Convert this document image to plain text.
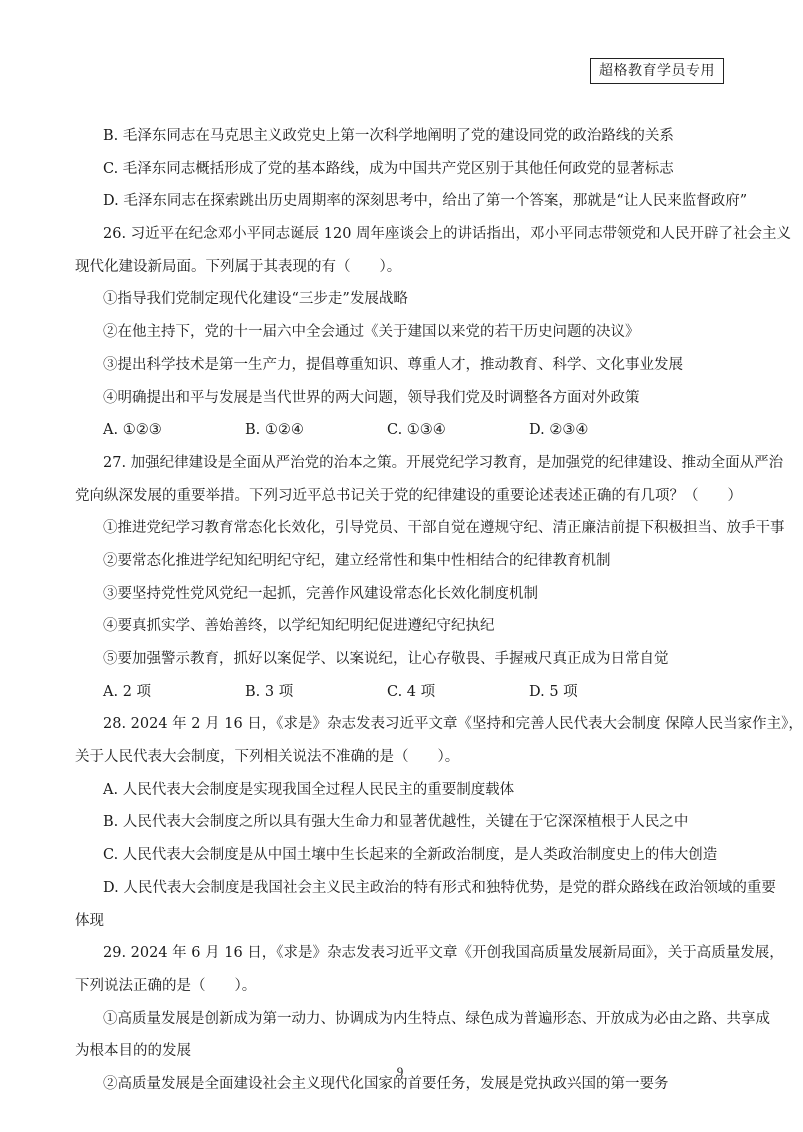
超格教育学员专用
B. 毛泽东同志在马克思主义政党史上第一次科学地阐明了党的建设同党的政治路线的关系
C. 毛泽东同志概括形成了党的基本路线，成为中国共产党区别于其他任何政党的显著标志
D. 毛泽东同志在探索跳出历史周期率的深刻思考中，给出了第一个答案，那就是“让人民来监督政府”
26. 习近平在纪念邓小平同志诞辰 120 周年座谈会上的讲话指出，邓小平同志带领党和人民开辟了社会主义
现代化建设新局面。下列属于其表现的有（　　）。
①指导我们党制定现代化建设“三步走”发展战略
②在他主持下，党的十一届六中全会通过《关于建国以来党的若干历史问题的决议》
③提出科学技术是第一生产力，提倡尊重知识、尊重人才，推动教育、科学、文化事业发展
④明确提出和平与发展是当代世界的两大问题，领导我们党及时调整各方面对外政策
A. ①②③	B. ①②④	C. ①③④	D. ②③④
27. 加强纪律建设是全面从严治党的治本之策。开展党纪学习教育，是加强党的纪律建设、推动全面从严治
党向纵深发展的重要举措。下列习近平总书记关于党的纪律建设的重要论述表述正确的有几项？（　　）
①推进党纪学习教育常态化长效化，引导党员、干部自觉在遵规守纪、清正廉洁前提下积极担当、放手干事
②要常态化推进学纪知纪明纪守纪，建立经常性和集中性相结合的纪律教育机制
③要坚持党性党风党纪一起抓，完善作风建设常态化长效化制度机制
④要真抓实学、善始善终，以学纪知纪明纪促进遵纪守纪执纪
⑤要加强警示教育，抓好以案促学、以案说纪，让心存敬畏、手握戒尺真正成为日常自觉
A. 2 项	B. 3 项	C. 4 项	D. 5 项
28. 2024 年 2 月 16 日，《求是》杂志发表习近平文章《坚持和完善人民代表大会制度 保障人民当家作主》，
关于人民代表大会制度，下列相关说法不准确的是（　　）。
A. 人民代表大会制度是实现我国全过程人民民主的重要制度载体
B. 人民代表大会制度之所以具有强大生命力和显著优越性，关键在于它深深植根于人民之中
C. 人民代表大会制度是从中国土壤中生长起来的全新政治制度，是人类政治制度史上的伟大创造
D. 人民代表大会制度是我国社会主义民主政治的特有形式和独特优势，是党的群众路线在政治领域的重要
体现
29. 2024 年 6 月 16 日，《求是》杂志发表习近平文章《开创我国高质量发展新局面》，关于高质量发展，
下列说法正确的是（　　）。
①高质量发展是创新成为第一动力、协调成为内生特点、绿色成为普遍形态、开放成为必由之路、共享成
为根本目的的发展
②高质量发展是全面建设社会主义现代化国家的首要任务，发展是党执政兴国的第一要务
9
